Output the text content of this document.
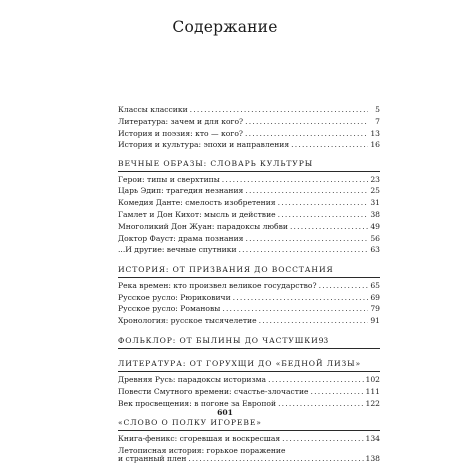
Содержание
Классы классики .....	5
Литература: зачем и для кого? .....	7
История и поэзия: кто — кого? .....	13
История и культура: эпохи и направления .....	16
ВЕЧНЫЕ ОБРАЗЫ: СЛОВАРЬ КУЛЬТУРЫ
Герои: типы и сверхтипы .....	23
Царь Эдип: трагедия незнания .....	25
Комедия Данте: смелость изобретения .....	31
Гамлет и Дон Кихот: мысль и действие .....	38
Многоликий Дон Жуан: парадоксы любви .....	49
Доктор Фауст: драма познания .....	56
...И другие: вечные спутники .....	63
ИСТОРИЯ: ОТ ПРИЗВАНИЯ ДО ВОССТАНИЯ
Река времен: кто произвел великое государство? .....	65
Русское русло: Рюриковичи .....	69
Русское русло: Романовы .....	79
Хронология: русское тысячелетие .....	91
ФОЛЬКЛОР: ОТ БЫЛИНЫ ДО ЧАСТУШКИ 93
ЛИТЕРАТУРА: ОТ ГОРУХЩИ ДО «БЕДНОЙ ЛИЗЫ»
Древняя Русь: парадоксы историзма .....	102
Повести Смутного времени: счастье-злочастие .....	111
Век просвещения: в погоне за Европой .....	122
«СЛОВО О ПОЛКУ ИГОРЕВЕ»
Книга-феникс: сгоревшая и воскресшая .....	134
Летописная история: горькое поражение
и странный плен .....	138
601
